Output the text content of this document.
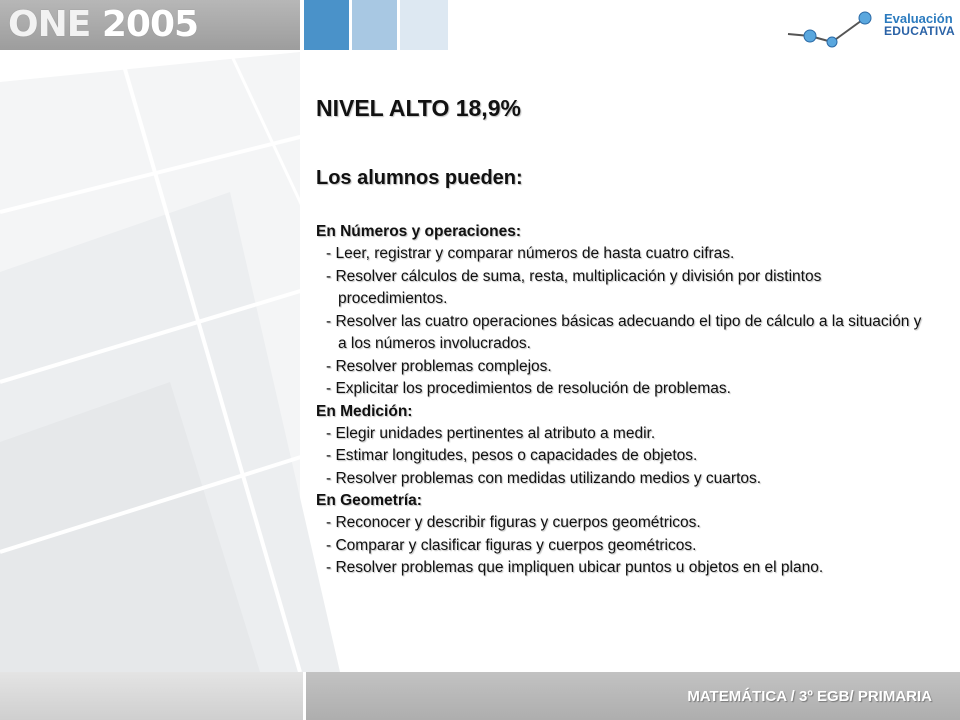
ONE 2005	Evaluación
EDUCATIVA
NIVEL ALTO 18,9%
Los alumnos pueden:
En Números y operaciones:
- Leer, registrar y comparar números de hasta cuatro cifras.
- Resolver cálculos de suma, resta, multiplicación y división por distintos procedimientos.
- Resolver las cuatro operaciones básicas adecuando el tipo de cálculo a la situación y a los números involucrados.
- Resolver problemas complejos.
- Explicitar los procedimientos de resolución de problemas.
En Medición:
- Elegir unidades pertinentes al atributo a medir.
- Estimar longitudes, pesos o capacidades de objetos.
- Resolver problemas con medidas utilizando medios y cuartos.
En Geometría:
- Reconocer y describir figuras y cuerpos geométricos.
- Comparar y clasificar figuras y cuerpos geométricos.
- Resolver problemas que impliquen ubicar puntos u objetos en el plano.
MATEMÁTICA / 3º EGB/ PRIMARIA
